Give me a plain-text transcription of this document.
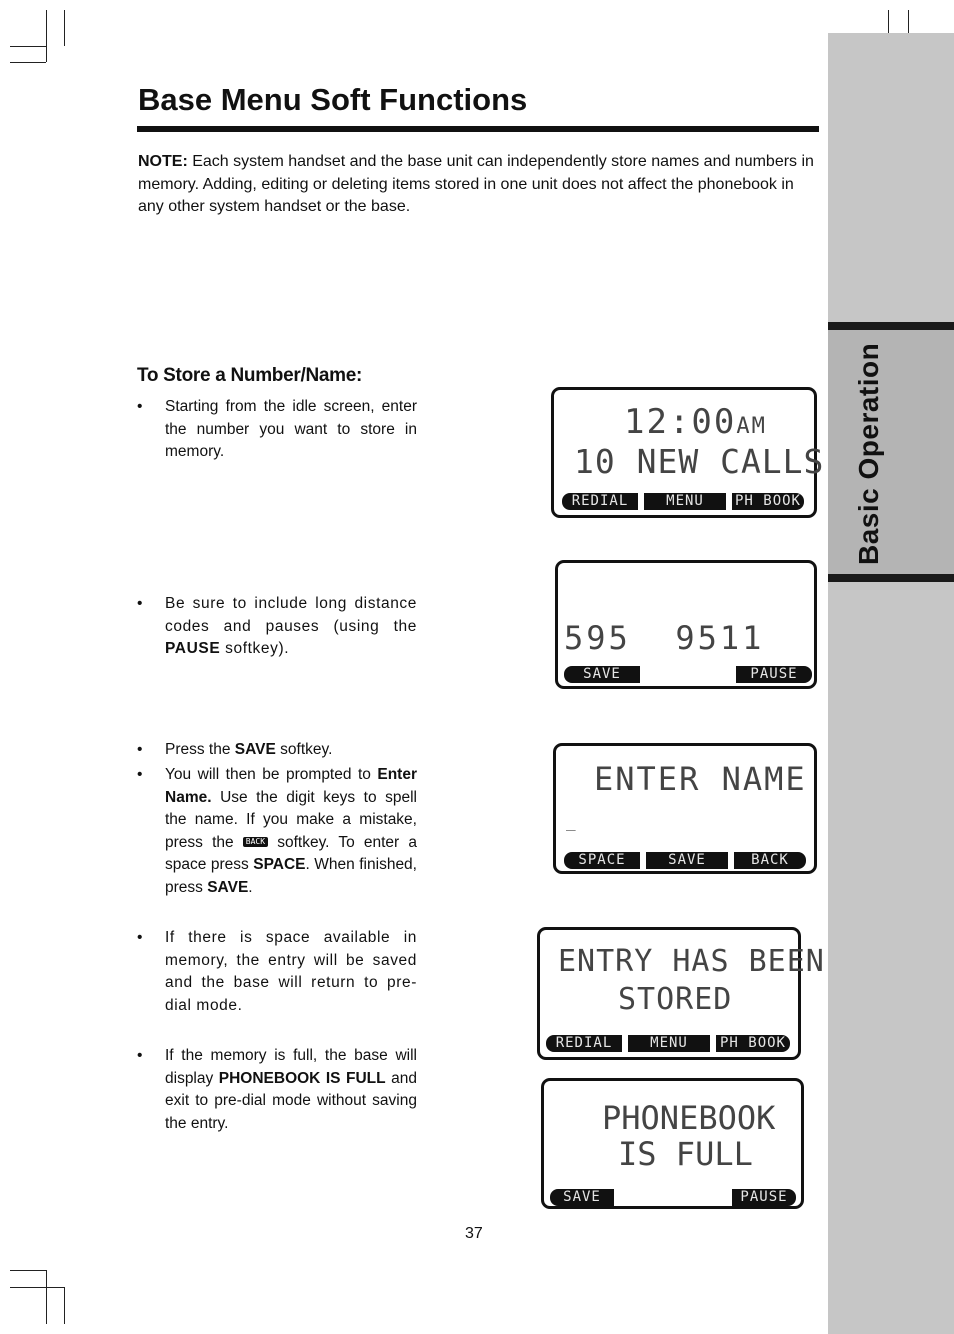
Basic Operation
Base Menu Soft Functions

NOTE: Each system handset and the base unit can independently store names and numbers in memory. Adding, editing or deleting items stored in one unit does not affect the phonebook in any other system handset or the base.

To Store a Number/Name:

• Starting from the idle screen, enter the number you want to store in memory.

• Be sure to include long distance codes and pauses (using the PAUSE softkey).

• Press the SAVE softkey.

• You will then be prompted to Enter Name. Use the digit keys to spell the name. If you make a mistake, press the BACK softkey. To enter a space press SPACE. When finished, press SAVE.

• If there is space available in memory, the entry will be saved and the base will return to pre-dial mode.

• If the memory is full, the base will display PHONEBOOK IS FULL and exit to pre-dial mode without saving the entry.

12:00AM
10 NEW CALLS
REDIAL	MENU	PH BOOK
595  9511
SAVE	PAUSE
ENTER NAME
_
SPACE	SAVE	BACK
ENTRY HAS BEEN
STORED
REDIAL	MENU	PH BOOK
PHONEBOOK
IS FULL
SAVE	PAUSE
37
